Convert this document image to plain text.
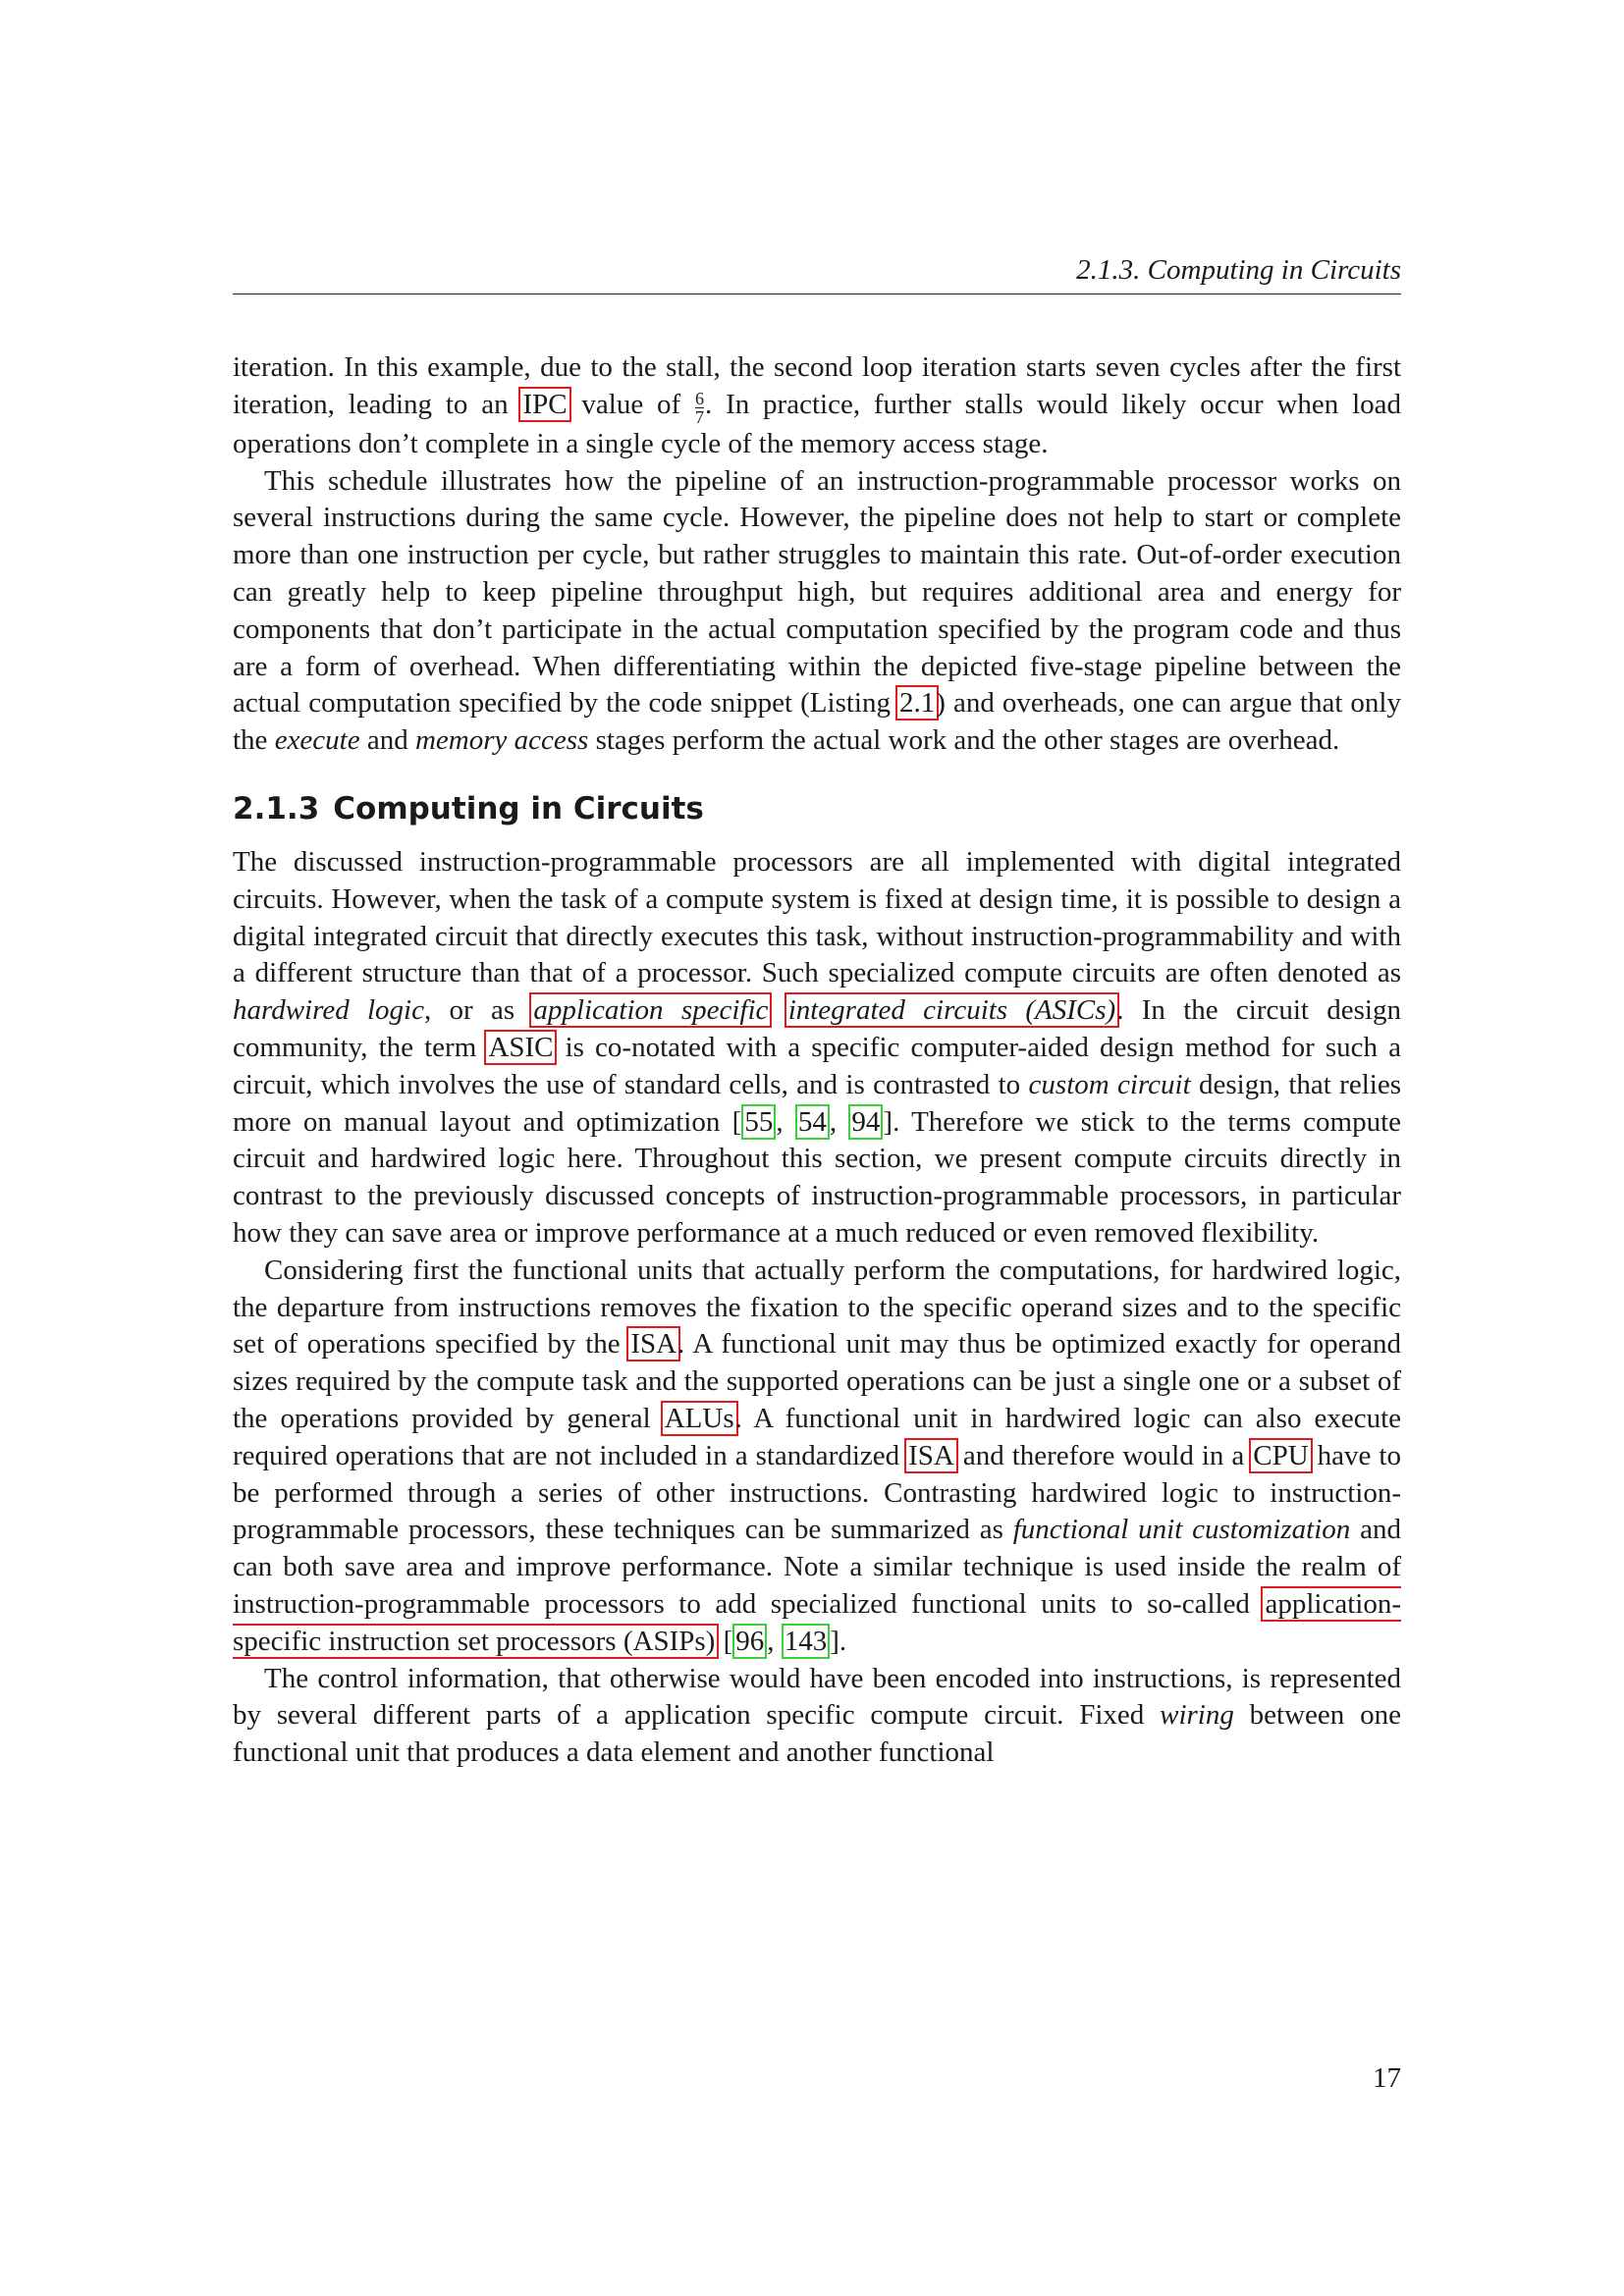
2.1.3. Computing in Circuits

iteration. In this example, due to the stall, the second loop iteration starts seven cycles after the first iteration, leading to an IPC value of $\frac{6}{7}$ . In practice, further stalls would likely occur when load operations don’t complete in a single cycle of the memory access stage.

This schedule illustrates how the pipeline of an instruction-programmable processor works on several instructions during the same cycle. However, the pipeline does not help to start or complete more than one instruction per cycle, but rather struggles to maintain this rate. Out-of-order execution can greatly help to keep pipeline throughput high, but requires additional area and energy for components that don’t participate in the actual computation specified by the program code and thus are a form of overhead. When differentiating within the depicted five-stage pipeline between the actual computation specified by the code snippet (Listing 2.1) and overheads, one can argue that only the execute and memory access stages perform the actual work and the other stages are overhead.

2.1.3 Computing in Circuits

The discussed instruction-programmable processors are all implemented with digital integrated circuits. However, when the task of a compute system is fixed at design time, it is possible to design a digital integrated circuit that directly executes this task, without instruction-programmability and with a different structure than that of a processor. Such specialized compute circuits are often denoted as hardwired logic, or as application specific integrated circuits (ASICs). In the circuit design community, the term ASIC is co-notated with a specific computer-aided design method for such a circuit, which involves the use of standard cells, and is contrasted to custom circuit design, that relies more on manual layout and optimization [ 55 , 54 , 94 ]. Therefore we stick to the terms compute circuit and hardwired logic here. Throughout this section, we present compute circuits directly in contrast to the previously discussed concepts of instruction-programmable processors, in particular how they can save area or improve performance at a much reduced or even removed flexibility.

Considering first the functional units that actually perform the computations, for hardwired logic, the departure from instructions removes the fixation to the specific operand sizes and to the specific set of operations specified by the ISA. A functional unit may thus be optimized exactly for operand sizes required by the compute task and the supported operations can be just a single one or a subset of the operations provided by general ALUs. A functional unit in hardwired logic can also execute required operations that are not included in a standardized ISA and therefore would in a CPU have to be performed through a series of other instructions. Contrasting hardwired logic to instruction-programmable processors, these techniques can be summarized as functional unit customization and can both save area and improve performance. Note a similar technique is used inside the realm of instruction-programmable processors to add specialized functional units to so-called application-specific instruction set processors (ASIPs) [ 96 , 143 ].

The control information, that otherwise would have been encoded into instructions, is represented by several different parts of a application specific compute circuit. Fixed wiring between one functional unit that produces a data element and another functional

17
